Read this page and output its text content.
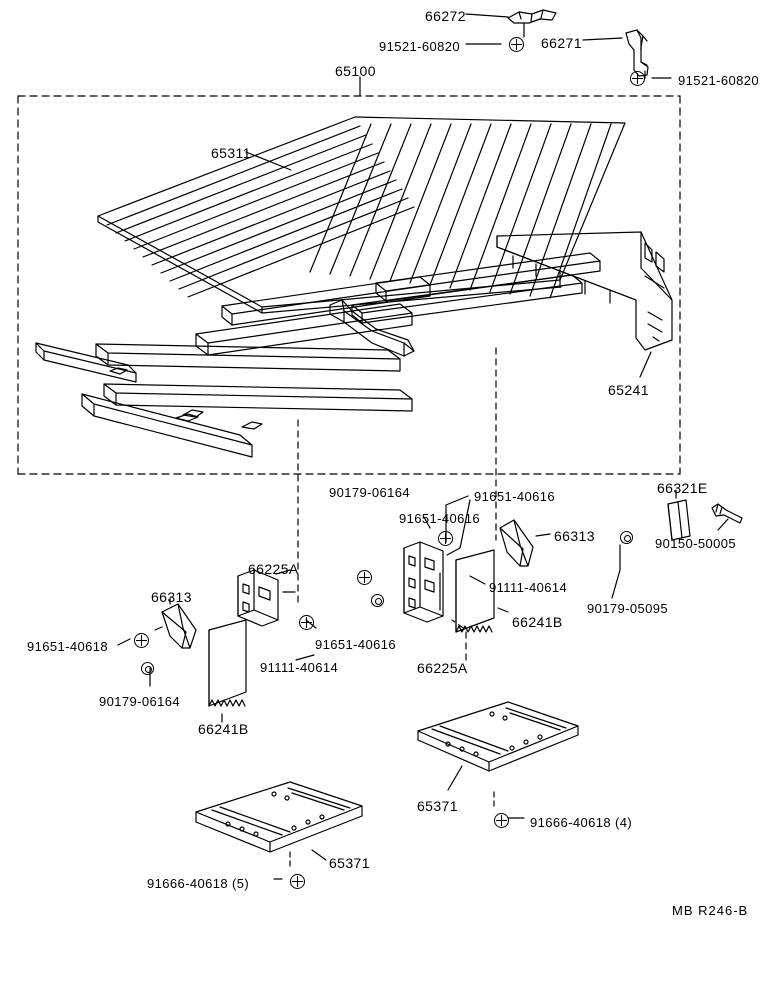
66272
91521-60820	66271
91521-60820
65100
65311
65241
66321E
90150-50005
90179-06164	91651-40616
91651-40616
66313
66225A
91111-40614
90179-05095
66313
66241B
91651-40616
91651-40618
91111-40614	66225A
90179-06164
66241B
65371
91666-40618 (4)
65371
91666-40618 (5)
MB R246-B
